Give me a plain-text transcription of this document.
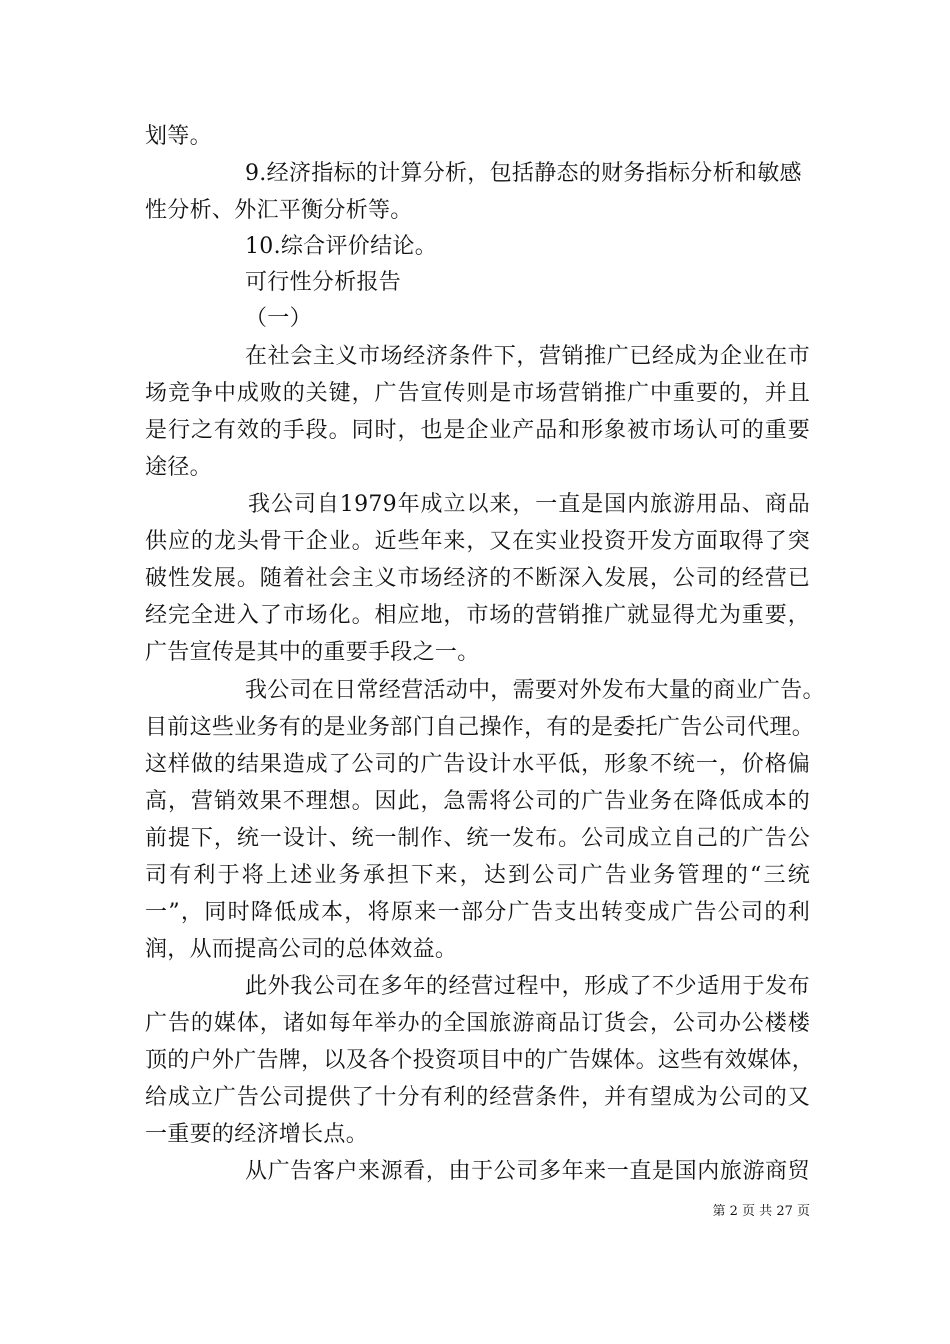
划等。
9.经济指标的计算分析，包括静态的财务指标分析和敏感
性分析、外汇平衡分析等。
10.综合评价结论。
可行性分析报告
（一）
在社会主义市场经济条件下，营销推广已经成为企业在市
场竞争中成败的关键，广告宣传则是市场营销推广中重要的，并且
是行之有效的手段。同时，也是企业产品和形象被市场认可的重要
途径。
我公司自1979年成立以来，一直是国内旅游用品、商品
供应的龙头骨干企业。近些年来，又在实业投资开发方面取得了突
破性发展。随着社会主义市场经济的不断深入发展，公司的经营已
经完全进入了市场化。相应地，市场的营销推广就显得尤为重要，
广告宣传是其中的重要手段之一。
我公司在日常经营活动中，需要对外发布大量的商业广告。
目前这些业务有的是业务部门自己操作，有的是委托广告公司代理。
这样做的结果造成了公司的广告设计水平低，形象不统一，价格偏
高，营销效果不理想。因此，急需将公司的广告业务在降低成本的
前提下，统一设计、统一制作、统一发布。公司成立自己的广告公
司有利于将上述业务承担下来，达到公司广告业务管理的“三统
一”，同时降低成本，将原来一部分广告支出转变成广告公司的利
润，从而提高公司的总体效益。
此外我公司在多年的经营过程中，形成了不少适用于发布
广告的媒体，诸如每年举办的全国旅游商品订货会，公司办公楼楼
顶的户外广告牌，以及各个投资项目中的广告媒体。这些有效媒体，
给成立广告公司提供了十分有利的经营条件，并有望成为公司的又
一重要的经济增长点。
从广告客户来源看，由于公司多年来一直是国内旅游商贸
第 2 页 共 27 页
